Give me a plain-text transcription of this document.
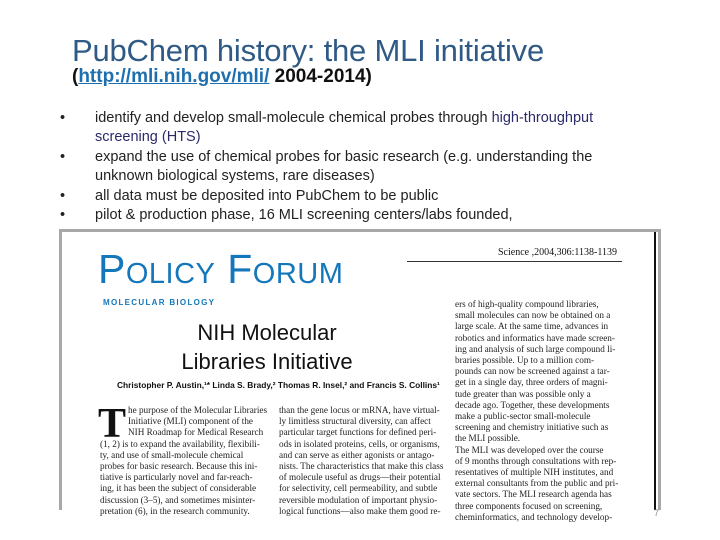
PubChem history: the MLI initiative
(http://mli.nih.gov/mli/ 2004-2014)
• identify and develop small-molecule chemical probes through high-throughput screening (HTS)
• expand the use of chemical probes for basic research (e.g. understanding the unknown biological systems, rare diseases)
• all data must be deposited into PubChem to be public
• pilot & production phase, 16 MLI screening centers/labs founded,
Policy Forum	Science ,2004,306:1138-1139
MOLECULAR BIOLOGY
NIH Molecular
Libraries Initiative
Christopher P. Austin,¹* Linda S. Brady,² Thomas R. Insel,² and Francis S. Collins¹
T he purpose of the Molecular Libraries
Initiative (MLI) component of the
NIH Roadmap for Medical Research
(1, 2) is to expand the availability, flexibili-
ty, and use of small-molecule chemical
probes for basic research. Because this ini-
tiative is particularly novel and far-reach-
ing, it has been the subject of considerable
discussion (3–5), and sometimes misinter-
pretation (6), in the research community.
than the gene locus or mRNA, have virtual-
ly limitless structural diversity, can affect
particular target functions for defined peri-
ods in isolated proteins, cells, or organisms,
and can serve as either agonists or antago-
nists. The characteristics that make this class
of molecule useful as drugs—their potential
for selectivity, cell permeability, and subtle
reversible modulation of important physio-
logical functions—also make them good re-
ers of high-quality compound libraries,
small molecules can now be obtained on a
large scale. At the same time, advances in
robotics and informatics have made screen-
ing and analysis of such large compound li-
braries possible. Up to a million com-
pounds can now be screened against a tar-
get in a single day, three orders of magni-
tude greater than was possible only a
decade ago. Together, these developments
make a public-sector small-molecule
screening and chemistry initiative such as
the MLI possible.
The MLI was developed over the course
of 9 months through consultations with rep-
resentatives of multiple NIH institutes, and
external consultants from the public and pri-
vate sectors. The MLI research agenda has
three components focused on screening,
cheminformatics, and technology develop-	7
